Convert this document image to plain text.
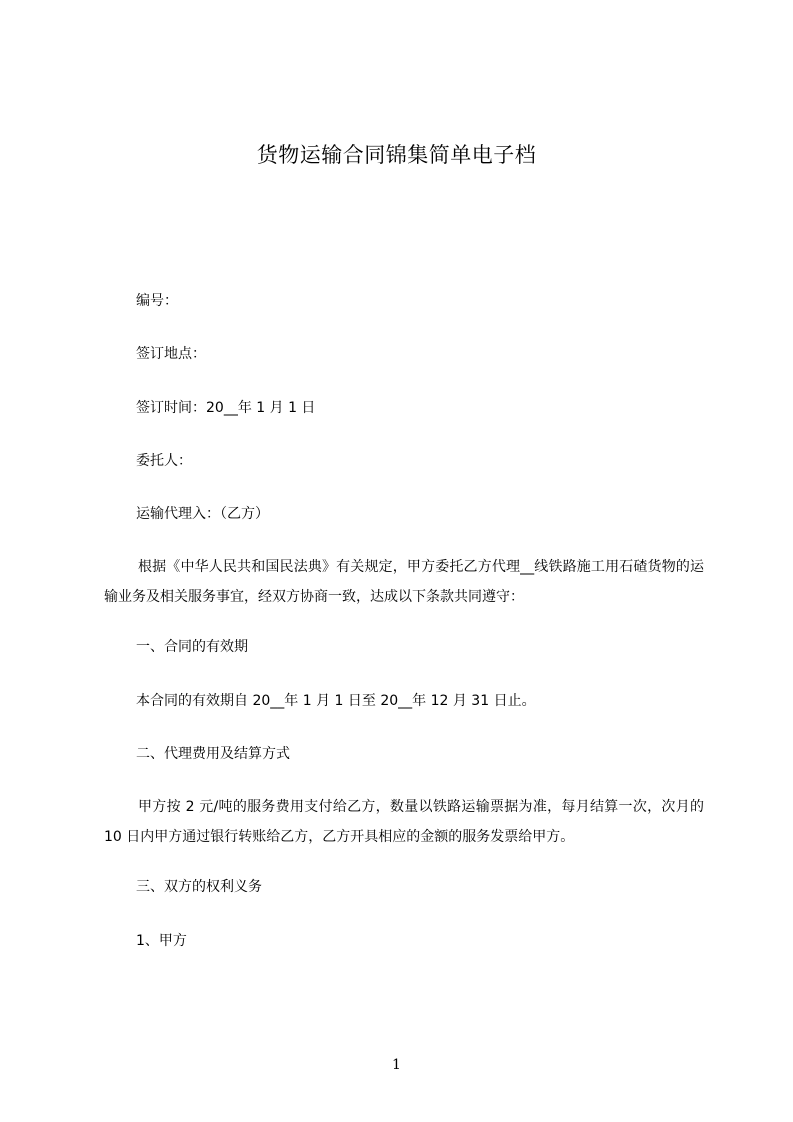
货物运输合同锦集简单电子档
编号：
签订地点：
签订时间：20__年 1 月 1 日
委托人：
运输代理入：（乙方）
根据《中华人民共和国民法典》有关规定，甲方委托乙方代理__线铁路施工用石碴货物的运输业务及相关服务事宜，经双方协商一致，达成以下条款共同遵守：
一、合同的有效期
本合同的有效期自 20__年 1 月 1 日至 20__年 12 月 31 日止。
二、代理费用及结算方式
甲方按 2 元/吨的服务费用支付给乙方，数量以铁路运输票据为准，每月结算一次，次月的 10 日内甲方通过银行转账给乙方，乙方开具相应的金额的服务发票给甲方。
三、双方的权利义务
1、甲方
1
